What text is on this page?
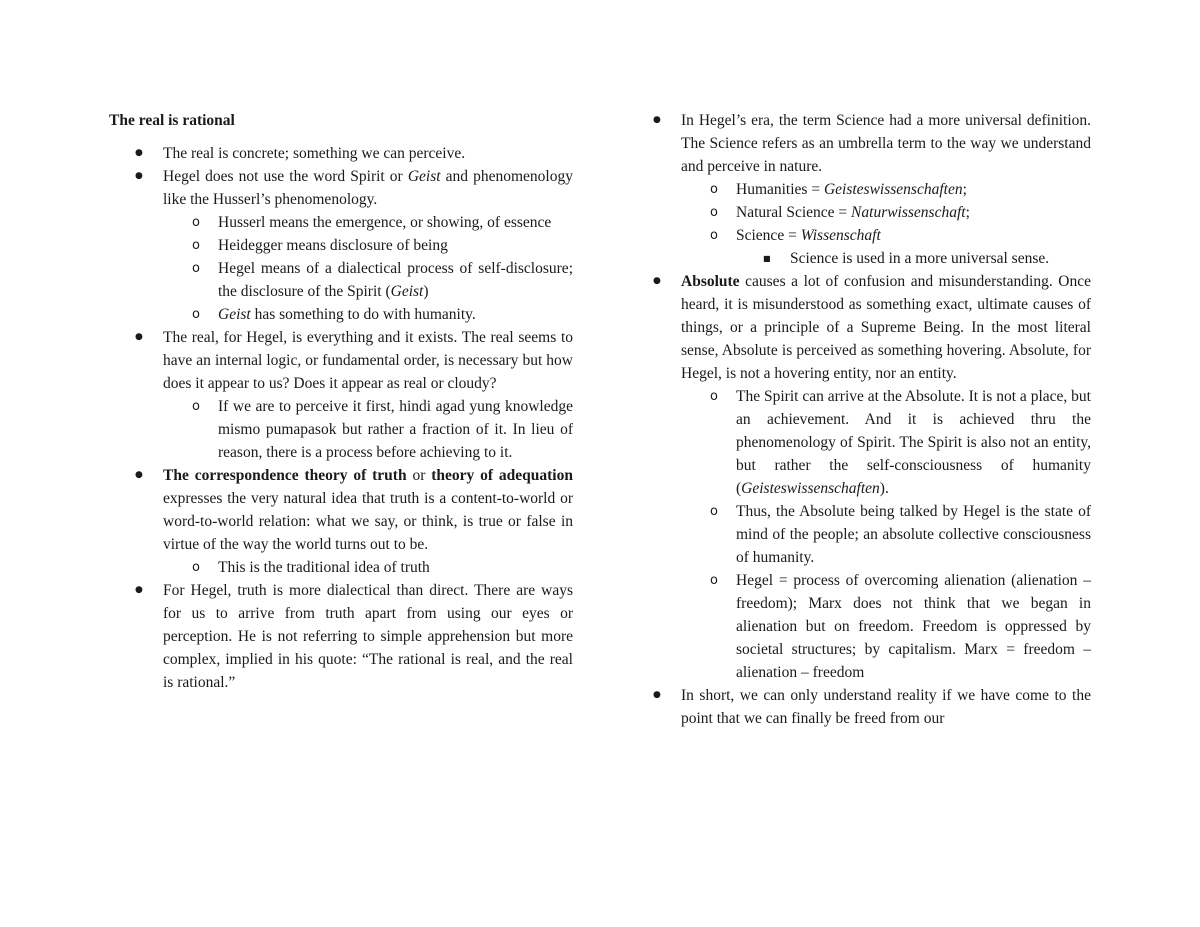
The real is rational
● The real is concrete; something we can perceive.
● Hegel does not use the word Spirit or Geist and phenomenology like the Husserl’s phenomenology.
o Husserl means the emergence, or showing, of essence
o Heidegger means disclosure of being
o Hegel means of a dialectical process of self-disclosure; the disclosure of the Spirit (Geist)
o Geist has something to do with humanity.
● The real, for Hegel, is everything and it exists. The real seems to have an internal logic, or fundamental order, is necessary but how does it appear to us? Does it appear as real or cloudy?
o If we are to perceive it first, hindi agad yung knowledge mismo pumapasok but rather a fraction of it. In lieu of reason, there is a process before achieving to it.
● The correspondence theory of truth or theory of adequation expresses the very natural idea that truth is a content-to-world or word-to-world relation: what we say, or think, is true or false in virtue of the way the world turns out to be.
o This is the traditional idea of truth
● For Hegel, truth is more dialectical than direct. There are ways for us to arrive from truth apart from using our eyes or perception. He is not referring to simple apprehension but more complex, implied in his quote: “The rational is real, and the real is rational.”
● In Hegel’s era, the term Science had a more universal definition. The Science refers as an umbrella term to the way we understand and perceive in nature.
o Humanities = Geisteswissenschaften;
o Natural Science = Naturwissenschaft;
o Science = Wissenschaft
■ Science is used in a more universal sense.
● Absolute causes a lot of confusion and misunderstanding. Once heard, it is misunderstood as something exact, ultimate causes of things, or a principle of a Supreme Being. In the most literal sense, Absolute is perceived as something hovering. Absolute, for Hegel, is not a hovering entity, nor an entity.
o The Spirit can arrive at the Absolute. It is not a place, but an achievement. And it is achieved thru the phenomenology of Spirit. The Spirit is also not an entity, but rather the self-consciousness of humanity (Geisteswissenschaften).
o Thus, the Absolute being talked by Hegel is the state of mind of the people; an absolute collective consciousness of humanity.
o Hegel = process of overcoming alienation (alienation – freedom); Marx does not think that we began in alienation but on freedom. Freedom is oppressed by societal structures; by capitalism. Marx = freedom – alienation – freedom
● In short, we can only understand reality if we have come to the point that we can finally be freed from our
